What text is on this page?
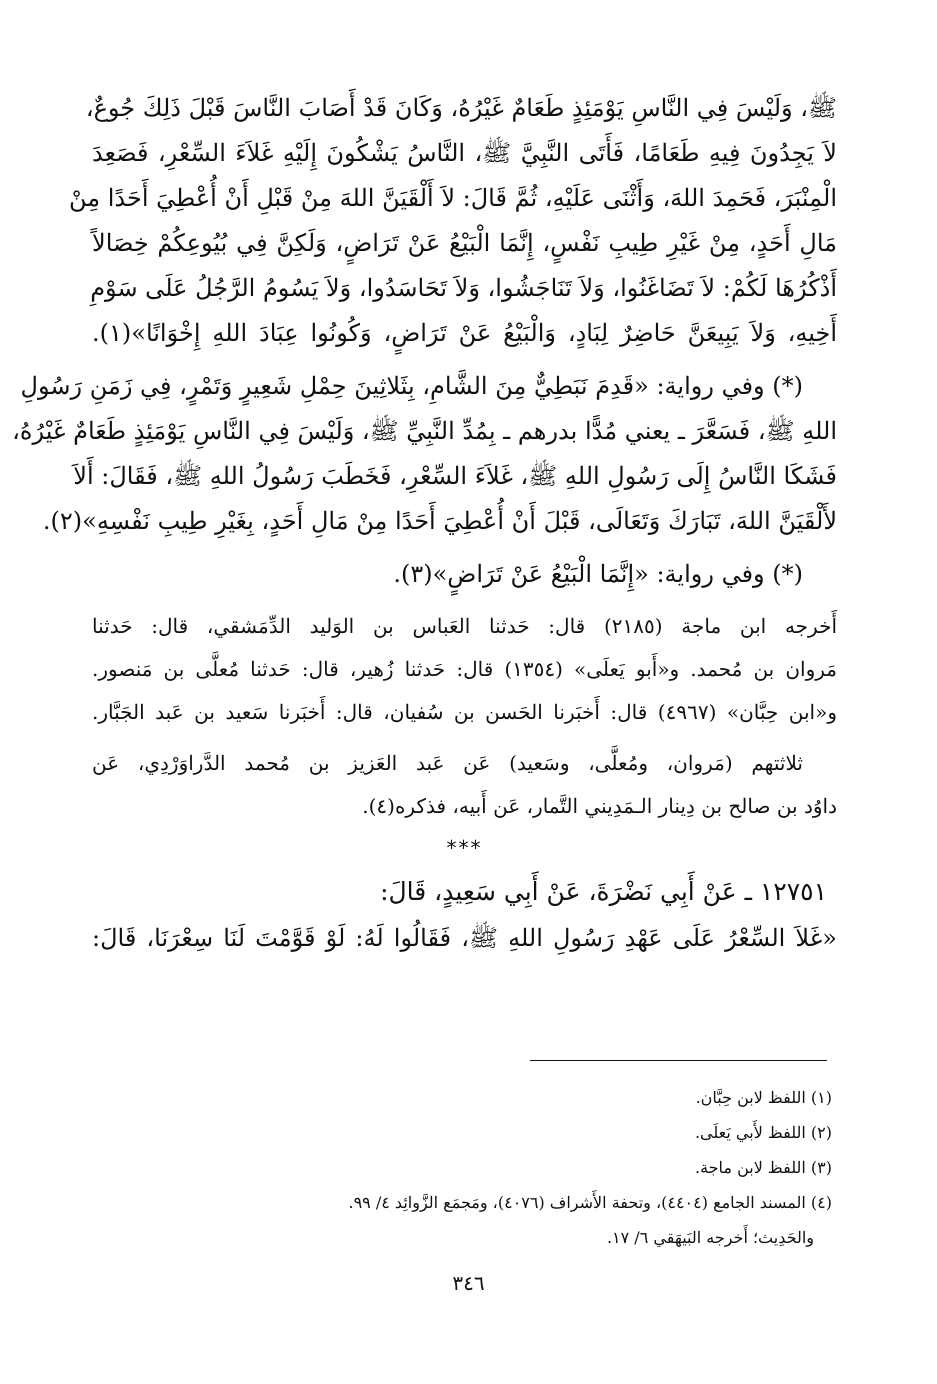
ﷺ، وَلَيْسَ فِي النَّاسِ يَوْمَئِذٍ طَعَامٌ غَيْرُهُ، وَكَانَ قَدْ أَصَابَ النَّاسَ قَبْلَ ذَلِكَ جُوعٌ،
لاَ يَجِدُونَ فِيهِ طَعَامًا، فَأَتَى النَّبِيَّ ﷺ، النَّاسُ يَشْكُونَ إِلَيْهِ غَلاَءَ السِّعْرِ، فَصَعِدَ
الْمِنْبَرَ، فَحَمِدَ اللهَ، وَأَثْنَى عَلَيْهِ، ثُمَّ قَالَ: لاَ أَلْقَيَنَّ اللهَ مِنْ قَبْلِ أَنْ أُعْطِيَ أَحَدًا مِنْ
مَالِ أَحَدٍ، مِنْ غَيْرِ طِيبِ نَفْسٍ، إِنَّمَا الْبَيْعُ عَنْ تَرَاضٍ، وَلَكِنَّ فِي بُيُوعِكُمْ خِصَالاً
أَذْكُرُهَا لَكُمْ: لاَ تَضَاغَنُوا، وَلاَ تَنَاجَشُوا، وَلاَ تَحَاسَدُوا، وَلاَ يَسُومُ الرَّجُلُ عَلَى سَوْمِ
أَخِيهِ، وَلاَ يَبِيعَنَّ حَاضِرٌ لِبَادٍ، وَالْبَيْعُ عَنْ تَرَاضٍ، وَكُونُوا عِبَادَ اللهِ إِخْوَانًا»(١).
(*) وفي رواية: «قَدِمَ نَبَطِيٌّ مِنَ الشَّامِ، بِثَلاثِينَ حِمْلِ شَعِيرٍ وَتَمْرٍ، فِي زَمَنِ رَسُولِ
اللهِ ﷺ، فَسَعَّرَ ـ يعني مُدًّا بدرهم ـ بِمُدِّ النَّبِيِّ ﷺ، وَلَيْسَ فِي النَّاسِ يَوْمَئِذٍ طَعَامٌ غَيْرُهُ،
فَشَكَا النَّاسُ إِلَى رَسُولِ اللهِ ﷺ، غَلاَءَ السِّعْرِ، فَخَطَبَ رَسُولُ اللهِ ﷺ، فَقَالَ: أَلاَ
لأَلْقَيَنَّ اللهَ، تَبَارَكَ وَتَعَالَى، قَبْلَ أَنْ أُعْطِيَ أَحَدًا مِنْ مَالِ أَحَدٍ، بِغَيْرِ طِيبِ نَفْسِهِ»(٢).
(*) وفي رواية: «إِنَّمَا الْبَيْعُ عَنْ تَرَاضٍ»(٣).
أَخرجه ابن ماجة (٢١٨٥) قال: حَدثنا العَباس بن الوَليد الدِّمَشقي، قال: حَدثنا
مَروان بن مُحمد. و«أَبو يَعلَى» (١٣٥٤) قال: حَدثنا زُهير، قال: حَدثنا مُعلَّى بن مَنصور.
و«ابن حِبَّان» (٤٩٦٧) قال: أَخبَرنا الحَسن بن سُفيان، قال: أَخبَرنا سَعيد بن عَبد الجَبَّار.
ثلاثتهم (مَروان، ومُعلَّى، وسَعيد) عَن عَبد العَزيز بن مُحمد الدَّراوَرْدِي، عَن
داوُد بن صالح بن دِينار الـمَدِيني التَّمار، عَن أَبيه، فذكره(٤).
***
١٢٧٥١ ـ عَنْ أَبِي نَضْرَةَ، عَنْ أَبِي سَعِيدٍ، قَالَ:
«غَلاَ السِّعْرُ عَلَى عَهْدِ رَسُولِ اللهِ ﷺ، فَقَالُوا لَهُ: لَوْ قَوَّمْتَ لَنَا سِعْرَنَا، قَالَ:
(١) اللفظ لابن حِبَّان.
(٢) اللفظ لأَبي يَعلَى.
(٣) اللفظ لابن ماجة.
(٤) المسند الجامع (٤٤٠٤)، وتحفة الأَشراف (٤٠٧٦)، ومَجمَع الزَّوائِد ٤/ ٩٩.
والحَدِيث؛ أَخرجه البَيهَقي ٦/ ١٧.
٣٤٦
